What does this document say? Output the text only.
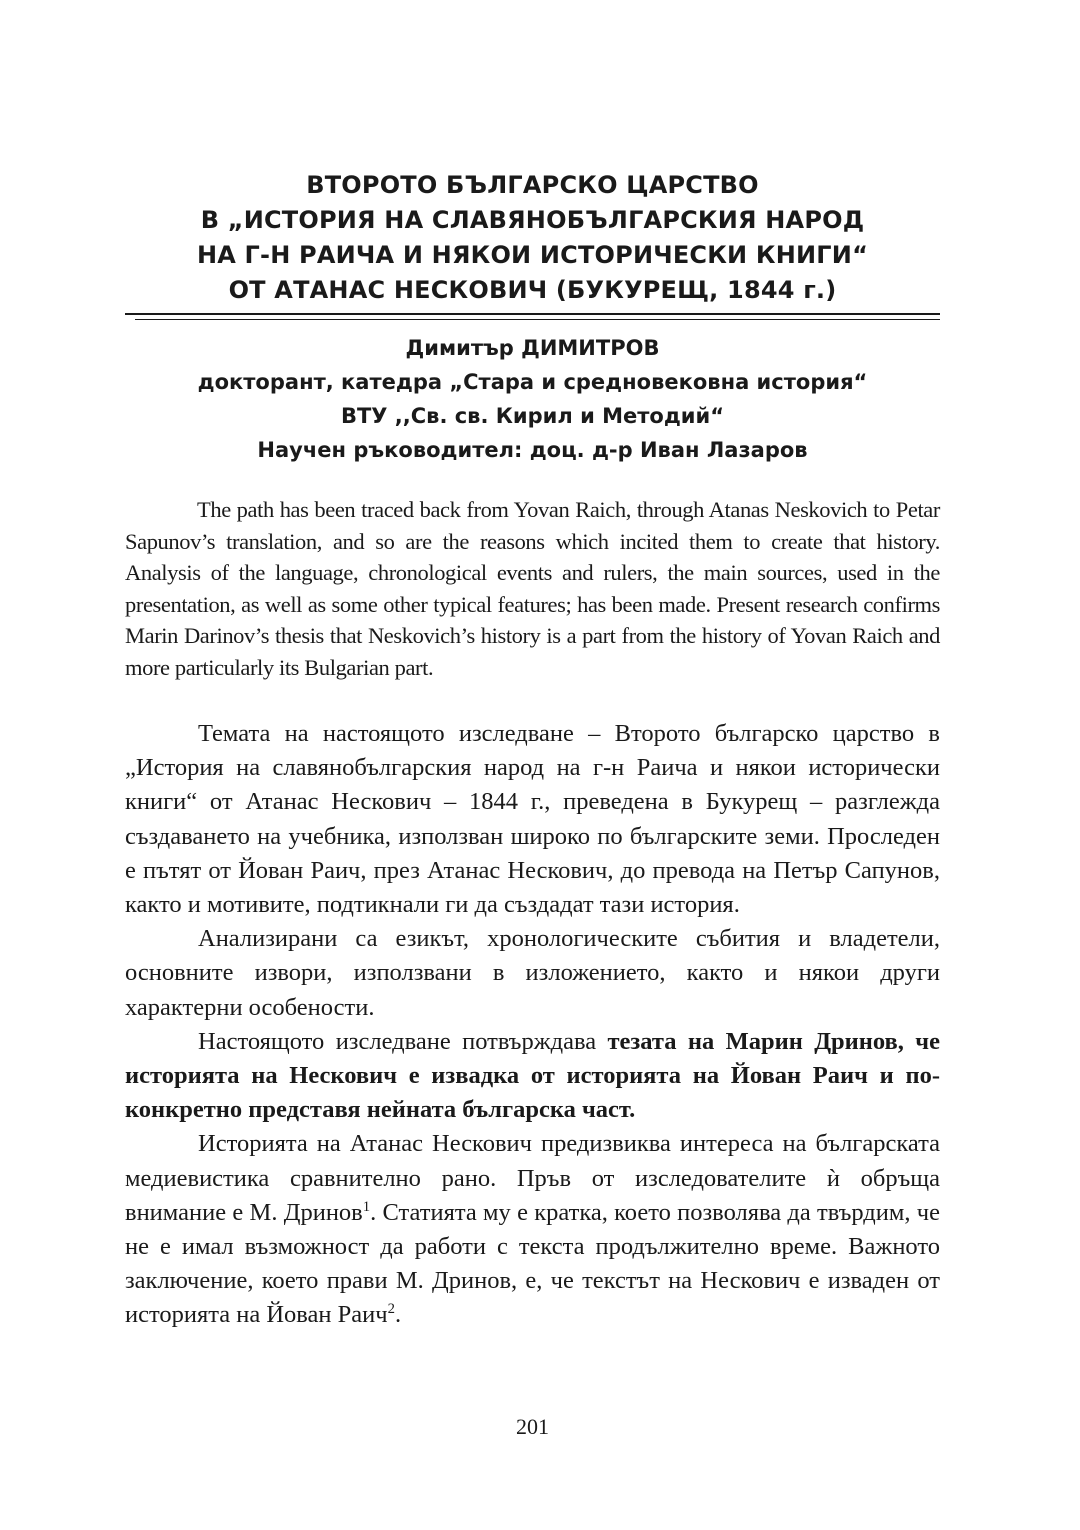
ВТОРОТО БЪЛГАРСКО ЦАРСТВО
В „ИСТОРИЯ НА СЛАВЯНОБЪЛГАРСКИЯ НАРОД
НА Г-Н РАИЧА И НЯКОИ ИСТОРИЧЕСКИ КНИГИ“
ОТ АТАНАС НЕСКОВИЧ (БУКУРЕЩ, 1844 г.)
Димитър ДИМИТРОВ
докторант, катедра „Стара и средновековна история“
ВТУ ,,Св. св. Кирил и Методий“
Научен ръководител: доц. д-р Иван Лазаров

The path has been traced back from Yovan Raich, through Atanas Neskovich to Petar Sapunov’s translation, and so are the reasons which incited them to create that history. Analysis of the language, chronological events and rulers, the main sources, used in the presentation, as well as some other typical features; has been made. Present research confirms Marin Darinov’s thesis that Neskovich’s history is a part from the history of Yovan Raich and more particularly its Bulgarian part.

Темата на настоящото изследване – Второто българско царство в „История на славянобългарския народ на г-н Раича и някои исторически книги“ от Атанас Нескович – 1844 г., преведена в Букурещ – разглежда създаването на учебника, използван широко по българските земи. Проследен е пътят от Йован Раич, през Атанас Нескович, до превода на Петър Сапунов, както и мотивите, подтикнали ги да създадат тази история.

Анализирани са езикът, хронологическите събития и владетели, основните извори, използвани в изложението, както и някои други характерни особености.

Настоящото изследване потвърждава тезата на Марин Дринов, че историята на Нескович е извадка от историята на Йован Раич и по-конкретно представя нейната българска част.

Историята на Атанас Нескович предизвиква интереса на българската медиевистика сравнително рано. Пръв от изследователите ѝ обръща внимание е М. Дринов$^1$. Статията му е кратка, което позволява да твърдим, че не е имал възможност да работи с текста продължително време. Важното заключение, което прави М. Дринов, е, че текстът на Нескович е изваден от историята на Йован Раич$^2$.

201
